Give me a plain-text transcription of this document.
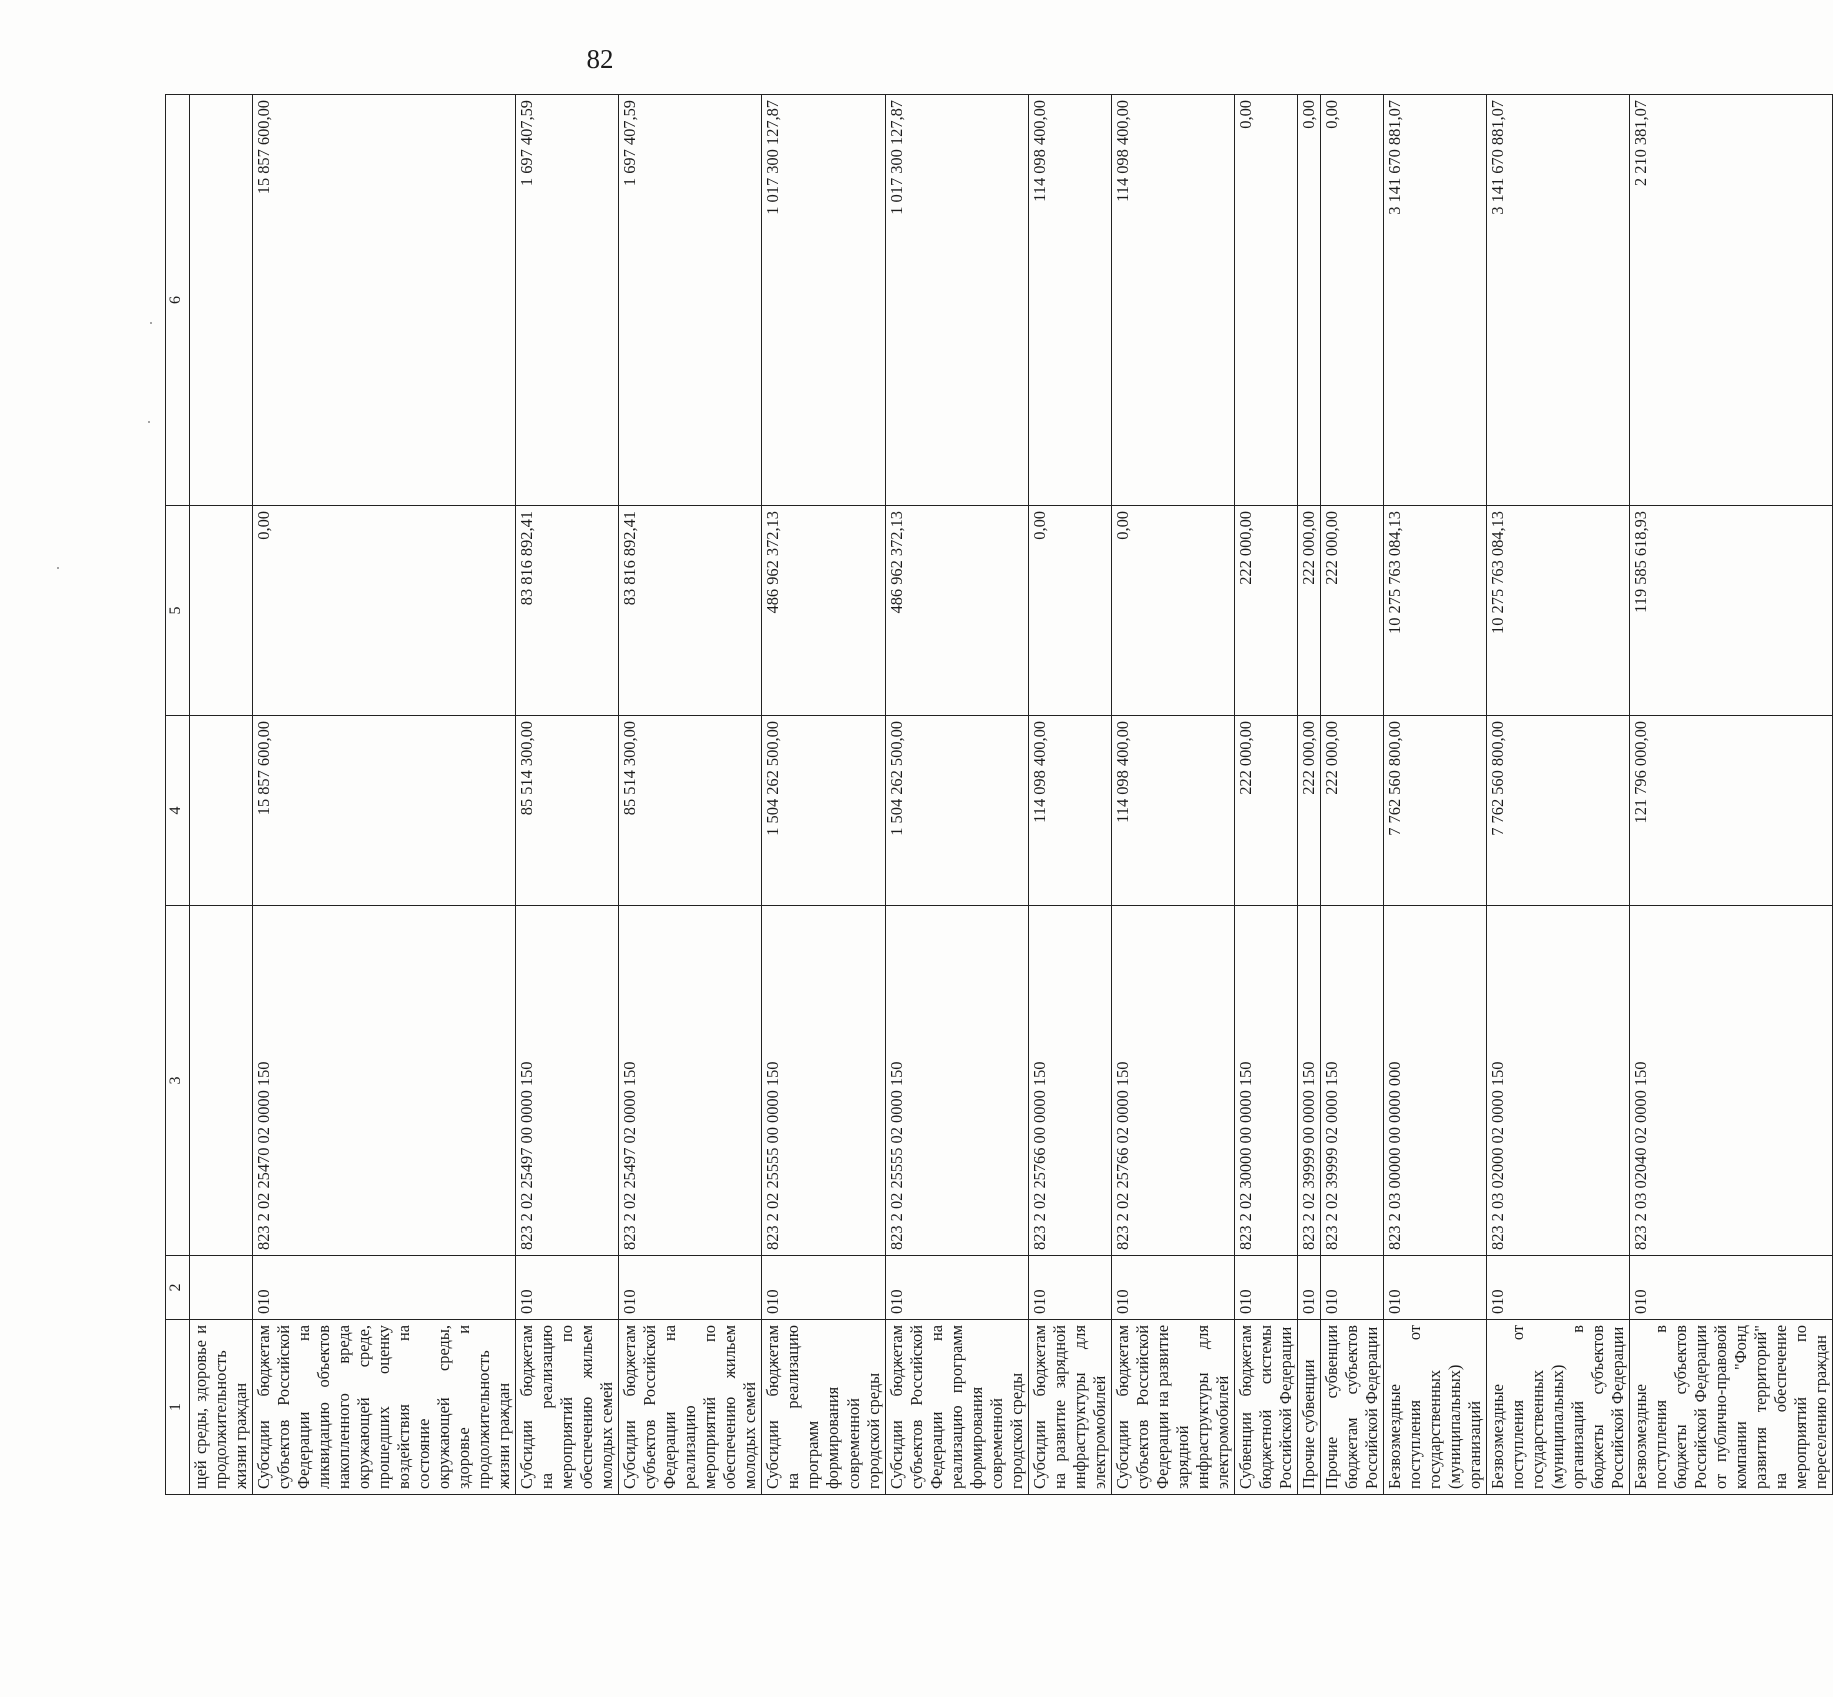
82
1	2	3	4	5	6
щей среды, здоровье и продолжительность жизни граждан					
Субсидии бюджетам субъектов Российской Федерации на ликвидацию объектов накопленного вреда окружающей среде, прошедших оценку воздействия на состояние окружающей среды, здоровье и продолжительность жизни граждан	010	823 2 02 25470 02 0000 150	15 857 600,00	0,00	15 857 600,00
Субсидии бюджетам на реализацию мероприятий по обеспечению жильем молодых семей	010	823 2 02 25497 00 0000 150	85 514 300,00	83 816 892,41	1 697 407,59
Субсидии бюджетам субъектов Российской Федерации на реализацию мероприятий по обеспечению жильем молодых семей	010	823 2 02 25497 02 0000 150	85 514 300,00	83 816 892,41	1 697 407,59
Субсидии бюджетам на реализацию программ формирования современной городской среды	010	823 2 02 25555 00 0000 150	1 504 262 500,00	486 962 372,13	1 017 300 127,87
Субсидии бюджетам субъектов Российской Федерации на реализацию программ формирования современной городской среды	010	823 2 02 25555 02 0000 150	1 504 262 500,00	486 962 372,13	1 017 300 127,87
Субсидии бюджетам на развитие зарядной инфраструктуры для электромобилей	010	823 2 02 25766 00 0000 150	114 098 400,00	0,00	114 098 400,00
Субсидии бюджетам субъектов Российской Федерации на развитие зарядной инфраструктуры для электромобилей	010	823 2 02 25766 02 0000 150	114 098 400,00	0,00	114 098 400,00
Субвенции бюджетам бюджетной системы Российской Федерации	010	823 2 02 30000 00 0000 150	222 000,00	222 000,00	0,00
Прочие субвенции	010	823 2 02 39999 00 0000 150	222 000,00	222 000,00	0,00
Прочие субвенции бюджетам субъектов Российской Федерации	010	823 2 02 39999 02 0000 150	222 000,00	222 000,00	0,00
Безвозмездные поступления от государственных (муниципальных) организаций	010	823 2 03 00000 00 0000 000	7 762 560 800,00	10 275 763 084,13	3 141 670 881,07
Безвозмездные поступления от государственных (муниципальных) организаций в бюджеты субъектов Российской Федерации	010	823 2 03 02000 02 0000 150	7 762 560 800,00	10 275 763 084,13	3 141 670 881,07
Безвозмездные поступления в бюджеты субъектов Российской Федерации от публично-правовой компании "Фонд развития территорий" на обеспечение мероприятий по переселению граждан	010	823 2 03 02040 02 0000 150	121 796 000,00	119 585 618,93	2 210 381,07
